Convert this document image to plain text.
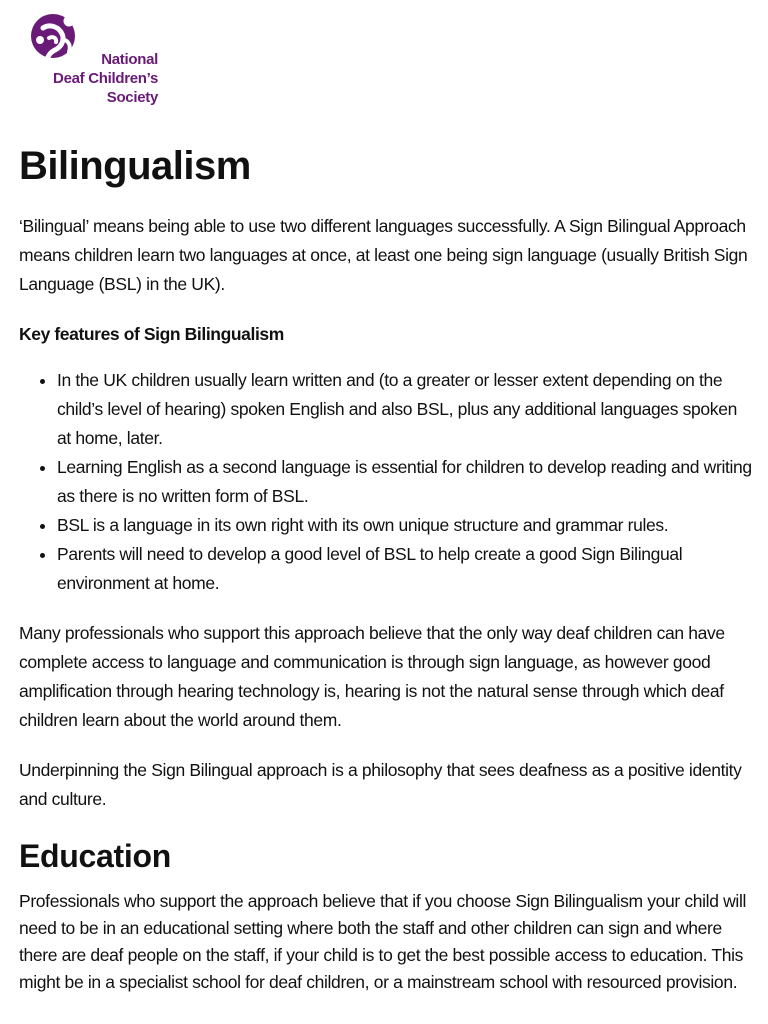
National
Deaf Children’s
Society
Bilingualism

‘Bilingual’ means being able to use two different languages successfully. A Sign Bilingual Approach means children learn two languages at once, at least one being sign language (usually British Sign Language (BSL) in the UK).

Key features of Sign Bilingualism
• In the UK children usually learn written and (to a greater or lesser extent depending on the child’s level of hearing) spoken English and also BSL, plus any additional languages spoken at home, later.
• Learning English as a second language is essential for children to develop reading and writing as there is no written form of BSL.
• BSL is a language in its own right with its own unique structure and grammar rules.
• Parents will need to develop a good level of BSL to help create a good Sign Bilingual environment at home.

Many professionals who support this approach believe that the only way deaf children can have complete access to language and communication is through sign language, as however good amplification through hearing technology is, hearing is not the natural sense through which deaf children learn about the world around them.

Underpinning the Sign Bilingual approach is a philosophy that sees deafness as a positive identity and culture.

Education

Professionals who support the approach believe that if you choose Sign Bilingualism your child will need to be in an educational setting where both the staff and other children can sign and where there are deaf people on the staff, if your child is to get the best possible access to education. This might be in a specialist school for deaf children, or a mainstream school with resourced provision.
